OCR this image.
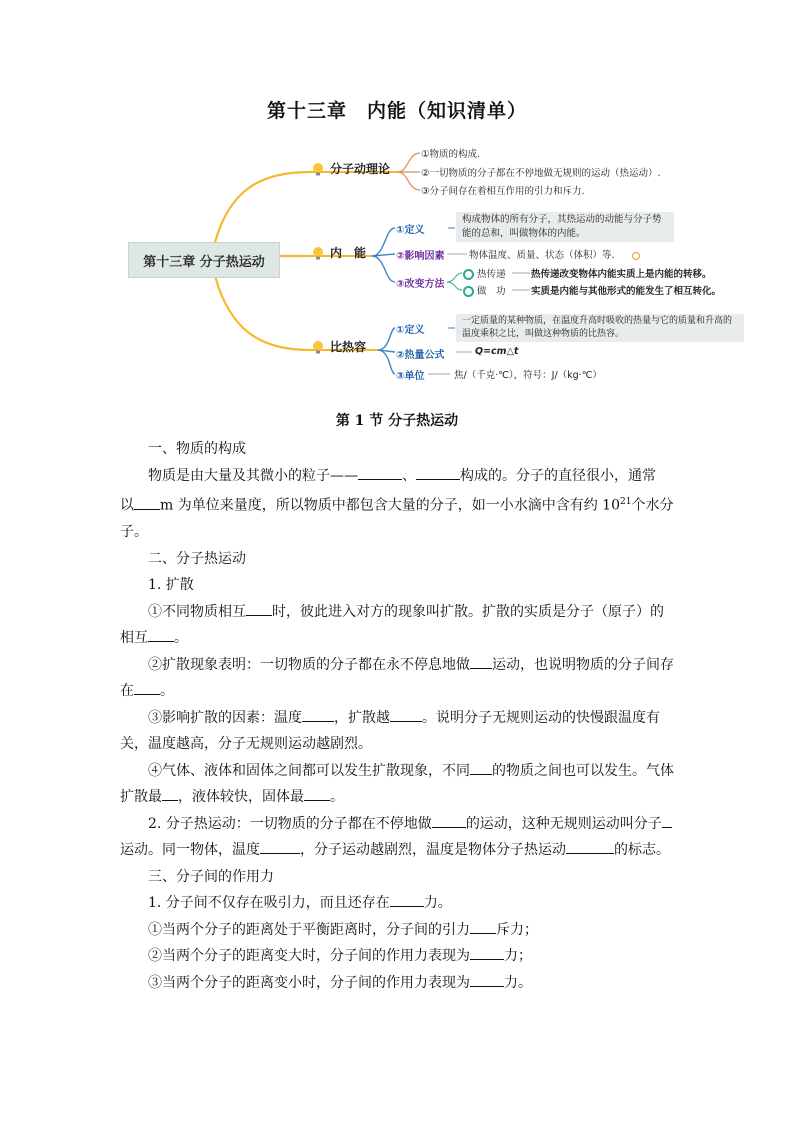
第十三章　内能（知识清单）
第十三章 分子热运动
分子动理论
①物质的构成.
②一切物质的分子都在不停地做无规则的运动（热运动）.
③分子间存在着相互作用的引力和斥力.
内　能
①定义
构成物体的所有分子，其热运动的动能与分子势能的总和，叫做物体的内能。
②影响因素	物体温度、质量、状态（体积）等.
③改变方法
热传递	热传递改变物体内能实质上是内能的转移。
做　功	实质是内能与其他形式的能发生了相互转化。
比热容
①定义
一定质量的某种物质，在温度升高时吸收的热量与它的质量和升高的温度乘积之比，叫做这种物质的比热容。
②热量公式	Q=cm△t
③单位	焦/（千克·℃），符号：J/（kg·℃）
第 1 节 分子热运动

一、物质的构成

物质是由大量及其微小的粒子——	、	构成的。分子的直径很小，通常

以 m 为单位来量度，所以物质中都包含大量的分子，如一小水滴中含有约 $10^{21}$个水分

子。

二、分子热运动

1. 扩散

①不同物质相互 时，彼此进入对方的现象叫扩散。扩散的实质是分子（原子）的

相互 。

②扩散现象表明：一切物质的分子都在永不停息地做 运动，也说明物质的分子间存

在 。

③影响扩散的因素：温度 ，扩散越 。说明分子无规则运动的快慢跟温度有

关，温度越高，分子无规则运动越剧烈。

④气体、液体和固体之间都可以发生扩散现象，不同 的物质之间也可以发生。气体

扩散最 ，液体较快，固体最 。

2. 分子热运动：一切物质的分子都在不停地做 的运动，这种无规则运动叫分子

运动。同一物体，温度	，分子运动越剧烈，温度是物体分子热运动	的标志。

三、分子间的作用力

1. 分子间不仅存在吸引力，而且还存在 力。

①当两个分子的距离处于平衡距离时，分子间的引力 斥力；

②当两个分子的距离变大时，分子间的作用力表现为 力；

③当两个分子的距离变小时，分子间的作用力表现为 力。
